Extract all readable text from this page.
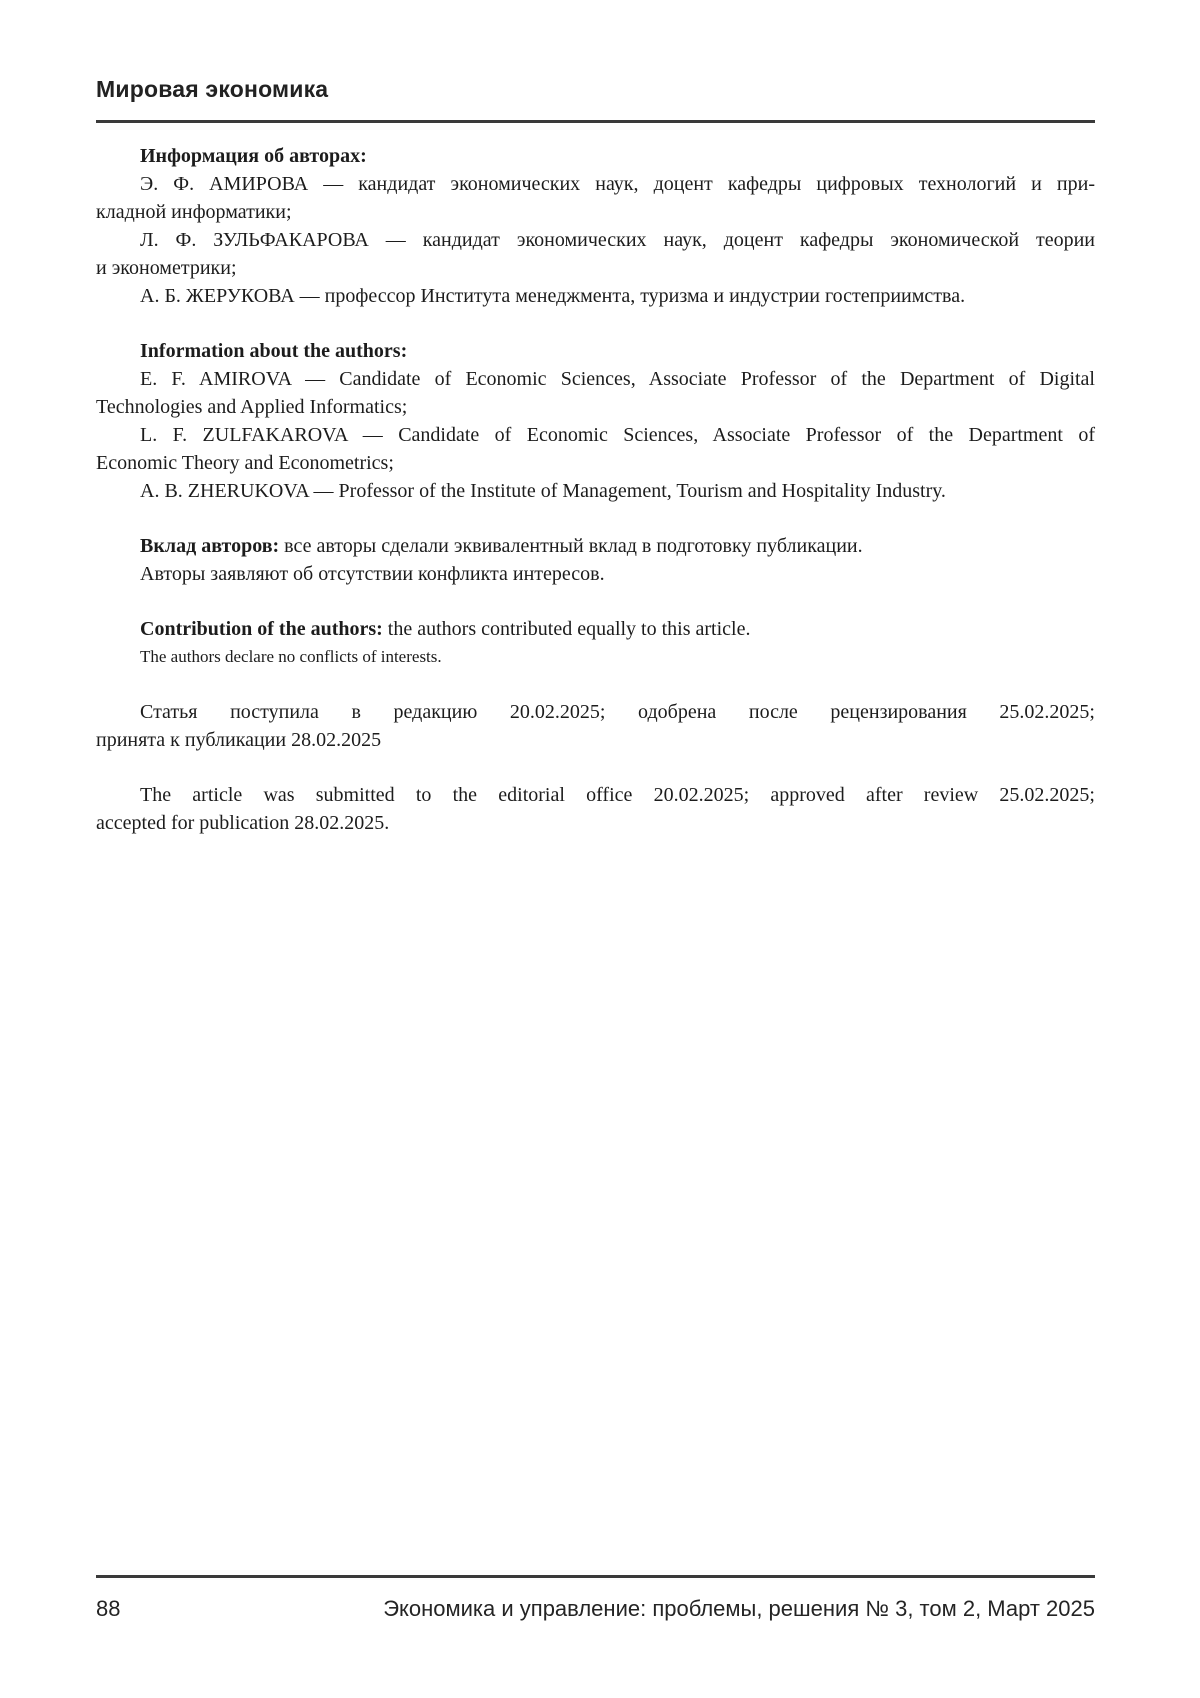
Мировая экономика
Информация об авторах:
Э. Ф. АМИРОВА — кандидат экономических наук, доцент кафедры цифровых технологий и при-
кладной информатики;
Л. Ф. ЗУЛЬФАКАРОВА — кандидат экономических наук, доцент кафедры экономической теории
и эконометрики;
А. Б. ЖЕРУКОВА — профессор Института менеджмента, туризма и индустрии гостеприимства.
Information about the authors:
E. F. AMIROVA — Candidate of Economic Sciences, Associate Professor of the Department of Digital
Technologies and Applied Informatics;
L. F. ZULFAKAROVA — Candidate of Economic Sciences, Associate Professor of the Department of
Economic Theory and Econometrics;
A. B. ZHERUKOVA — Professor of the Institute of Management, Tourism and Hospitality Industry.
Вклад авторов: все авторы сделали эквивалентный вклад в подготовку публикации.
Авторы заявляют об отсутствии конфликта интересов.
Contribution of the authors: the authors contributed equally to this article.
The authors declare no conflicts of interests.
Статья поступила в редакцию 20.02.2025; одобрена после рецензирования 25.02.2025;
принята к публикации 28.02.2025
The article was submitted to the editorial office 20.02.2025; approved after review 25.02.2025;
accepted for publication 28.02.2025.
88	Экономика и управление: проблемы, решения № 3, том 2, Март 2025
